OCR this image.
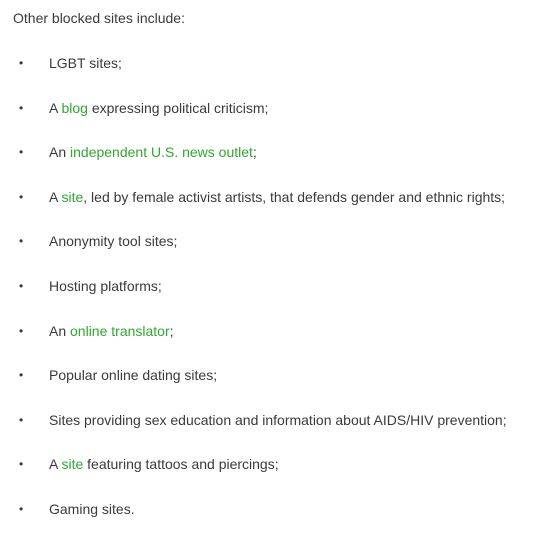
Other blocked sites include:

• LGBT sites;
• A blog expressing political criticism;
• An independent U.S. news outlet;
• A site, led by female activist artists, that defends gender and ethnic rights;
• Anonymity tool sites;
• Hosting platforms;
• An online translator;
• Popular online dating sites;
• Sites providing sex education and information about AIDS/HIV prevention;
• A site featuring tattoos and piercings;
• Gaming sites.
